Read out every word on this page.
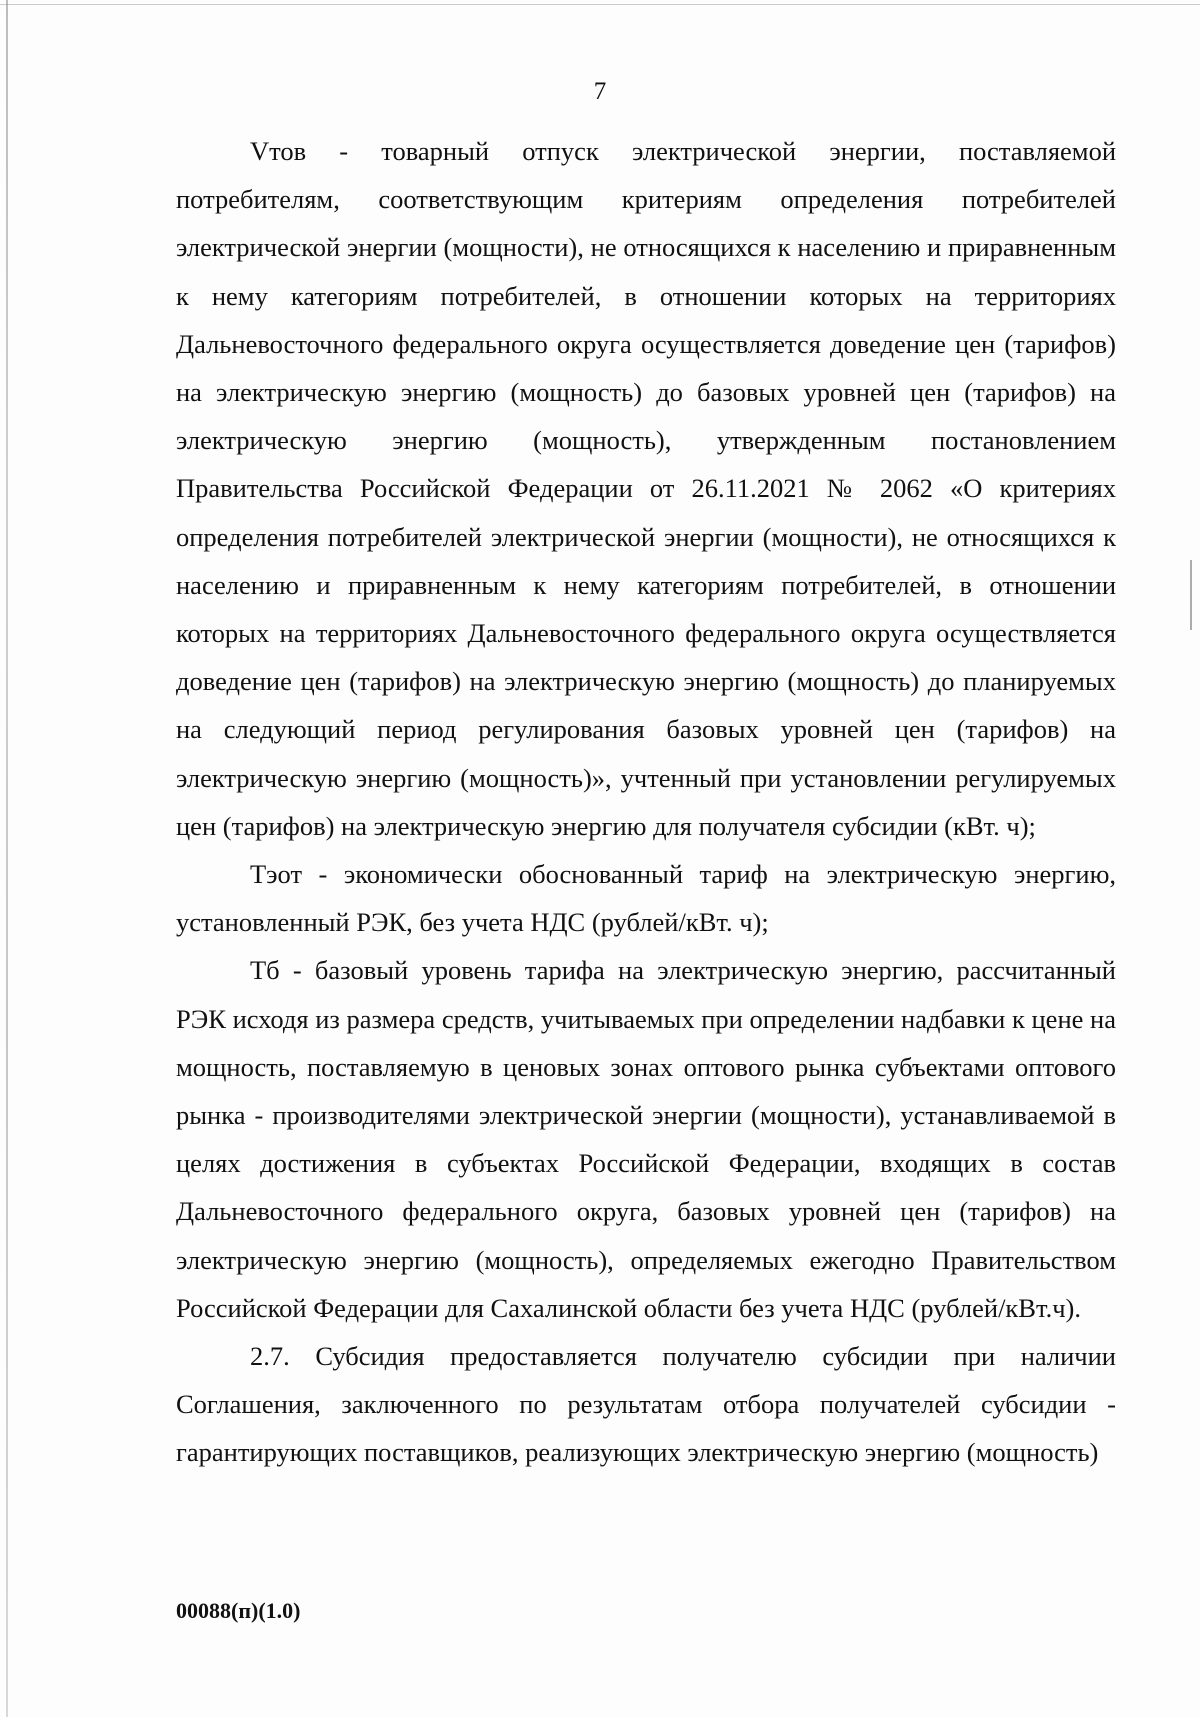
7

Vтов - товарный отпуск электрической энергии, поставляемой потребителям, соответствующим критериям определения потребителей электрической энергии (мощности), не относящихся к населению и приравненным к нему категориям потребителей, в отношении которых на территориях Дальневосточного федерального округа осуществляется доведение цен (тарифов) на электрическую энергию (мощность) до базовых уровней цен (тарифов) на электрическую энергию (мощность), утвержденным постановлением Правительства Российской Федерации от 26.11.2021 № 2062 «О критериях определения потребителей электрической энергии (мощности), не относящихся к населению и приравненным к нему категориям потребителей, в отношении которых на территориях Дальневосточного федерального округа осуществляется доведение цен (тарифов) на электрическую энергию (мощность) до планируемых на следующий период регулирования базовых уровней цен (тарифов) на электрическую энергию (мощность)», учтенный при установлении регулируемых цен (тарифов) на электрическую энергию для получателя субсидии (кВт. ч);

Тэот - экономически обоснованный тариф на электрическую энергию, установленный РЭК, без учета НДС (рублей/кВт. ч);

Тб - базовый уровень тарифа на электрическую энергию, рассчитанный РЭК исходя из размера средств, учитываемых при определении надбавки к цене на мощность, поставляемую в ценовых зонах оптового рынка субъектами оптового рынка - производителями электрической энергии (мощности), устанавливаемой в целях достижения в субъектах Российской Федерации, входящих в состав Дальневосточного федерального округа, базовых уровней цен (тарифов) на электрическую энергию (мощность), определяемых ежегодно Правительством Российской Федерации для Сахалинской области без учета НДС (рублей/кВт.ч).

2.7. Субсидия предоставляется получателю субсидии при наличии Соглашения, заключенного по результатам отбора получателей субсидии - гарантирующих поставщиков, реализующих электрическую энергию (мощность)

00088(п)(1.0)
